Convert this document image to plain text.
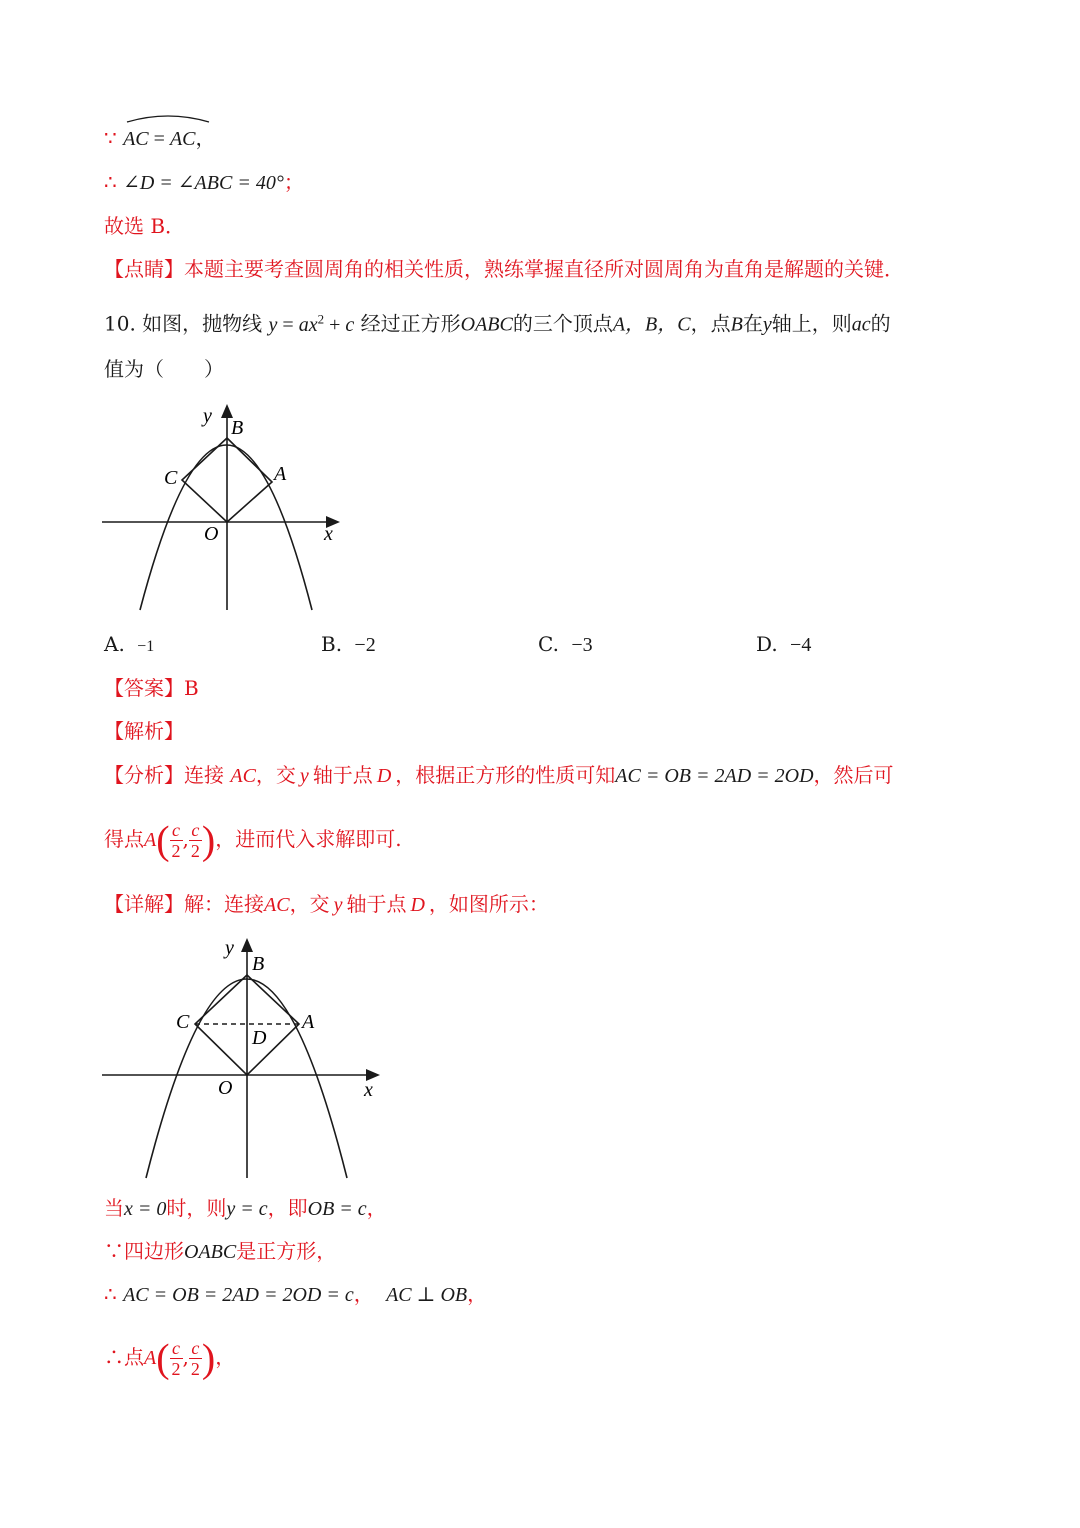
∵ AC = AC，
∴ ∠D = ∠ABC = 40°；
故选 B．
【点睛】本题主要考查圆周角的相关性质，熟练掌握直径所对圆周角为直角是解题的关键．
10. 如图，抛物线 $y = ax^2 + c$ 经过正方形OABC的三个顶点A，B，C，点B在y轴上，则ac的
值为（　　）
y
B
C	A
O	x
A. −1	B. −2	C. −3	D. −4
【答案】B
【解析】
【分析】连接 AC，交 y 轴于点 D ，根据正方形的性质可知AC = OB = 2AD = 2OD，然后可
得点$A( \frac{c}{2}$ , $\frac{c}{2}$ )，进而代入求解即可.
【详解】解：连接AC，交 y 轴于点 D ，如图所示：
y
B
C	A
D
O	x
当x = 0时，则y = c，即OB = c，
∵四边形OABC是正方形，
∴ AC = OB = 2AD = 2OD = c， AC ⊥ OB，
∴点$A( \frac{c}{2}$ , $\frac{c}{2}$ )，
